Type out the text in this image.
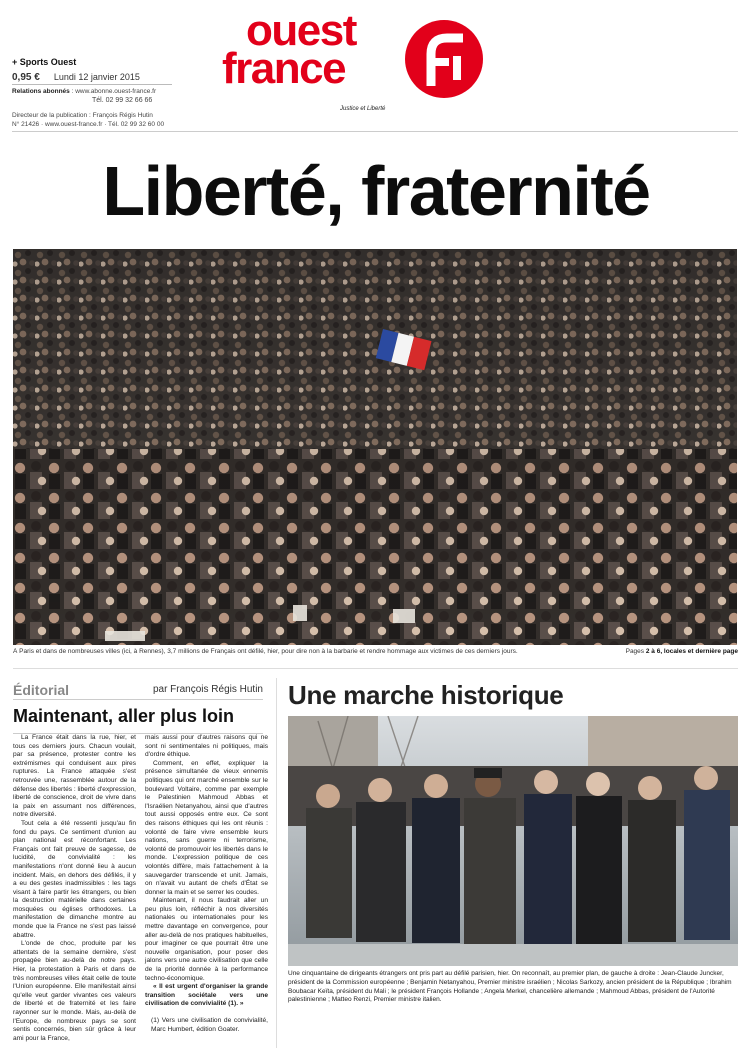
+ Sports Ouest
0,95 € Lundi 12 janvier 2015
Relations abonnés : www.abonne.ouest-france.fr
Tél. 02 99 32 66 66
Directeur de la publication : François Régis Hutin
N° 21426 · www.ouest-france.fr · Tél. 02 99 32 60 00
ouest
france
Justice et Liberté
Liberté, fraternité
À Paris et dans de nombreuses villes (ici, à Rennes), 3,7 millions de Français ont défilé, hier, pour dire non à la barbarie et rendre hommage aux victimes de ces derniers jours.	Pages 2 à 6, locales et dernière page
Éditorial	par François Régis Hutin
Maintenant, aller plus loin

La France était dans la rue, hier, et tous ces derniers jours. Chacun voulait, par sa présence, protester contre les extrémismes qui conduisent aux pires ruptures. La France attaquée s'est retrouvée une, rassemblée autour de la défense des libertés : liberté d'expression, liberté de conscience, droit de vivre dans la paix en assumant nos différences, notre diversité.

Tout cela a été ressenti jusqu'au fin fond du pays. Ce sentiment d'union au plan national est réconfortant. Les Français ont fait preuve de sagesse, de lucidité, de convivialité : les manifestations n'ont donné lieu à aucun incident. Mais, en dehors des défilés, il y a eu des gestes inadmissibles : les tags visant à faire partir les étrangers, ou bien la destruction matérielle dans certaines mosquées ou églises orthodoxes. La manifestation de dimanche montre au monde que la France ne s'est pas laissé abattre.

L'onde de choc, produite par les attentats de la semaine dernière, s'est propagée bien au-delà de notre pays. Hier, la protestation à Paris et dans de très nombreuses villes était celle de toute l'Union européenne. Elle manifestait ainsi qu'elle veut garder vivantes ces valeurs de liberté et de fraternité et les faire rayonner sur le monde. Mais, au-delà de l'Europe, de nombreux pays se sont sentis concernés, bien sûr grâce à leur ami pour la France,

mais aussi pour d'autres raisons qui ne sont ni sentimentales ni politiques, mais d'ordre éthique.

Comment, en effet, expliquer la présence simultanée de vieux ennemis politiques qui ont marché ensemble sur le boulevard Voltaire, comme par exemple le Palestinien Mahmoud Abbas et l'Israélien Netanyahou, ainsi que d'autres tout aussi opposés entre eux. Ce sont des raisons éthiques qui les ont réunis : volonté de faire vivre ensemble leurs nations, sans guerre ni terrorisme, volonté de promouvoir les libertés dans le monde. L'expression politique de ces volontés diffère, mais l'attachement à la sauvegarder transcende et unit. Jamais, on n'avait vu autant de chefs d'État se donner la main et se serrer les coudes.

Maintenant, il nous faudrait aller un peu plus loin, réfléchir à nos diversités nationales ou internationales pour les mettre davantage en convergence, pour aller au-delà de nos pratiques habituelles, pour imaginer ce que pourrait être une nouvelle organisation, pour poser des jalons vers une autre civilisation que celle de la priorité donnée à la performance techno-économique.

« Il est urgent d'organiser la grande transition sociétale vers une civilisation de convivialité (1). »

(1) Vers une civilisation de convivialité, Marc Humbert, édition Goater.

Une marche historique
Une cinquantaine de dirigeants étrangers ont pris part au défilé parisien, hier. On reconnaît, au premier plan, de gauche à droite : Jean-Claude Juncker, président de la Commission européenne ; Benjamin Netanyahou, Premier ministre israélien ; Nicolas Sarkozy, ancien président de la République ; Ibrahim Boubacar Keïta, président du Mali ; le président François Hollande ; Angela Merkel, chancelière allemande ; Mahmoud Abbas, président de l'Autorité palestinienne ; Matteo Renzi, Premier ministre italien.
